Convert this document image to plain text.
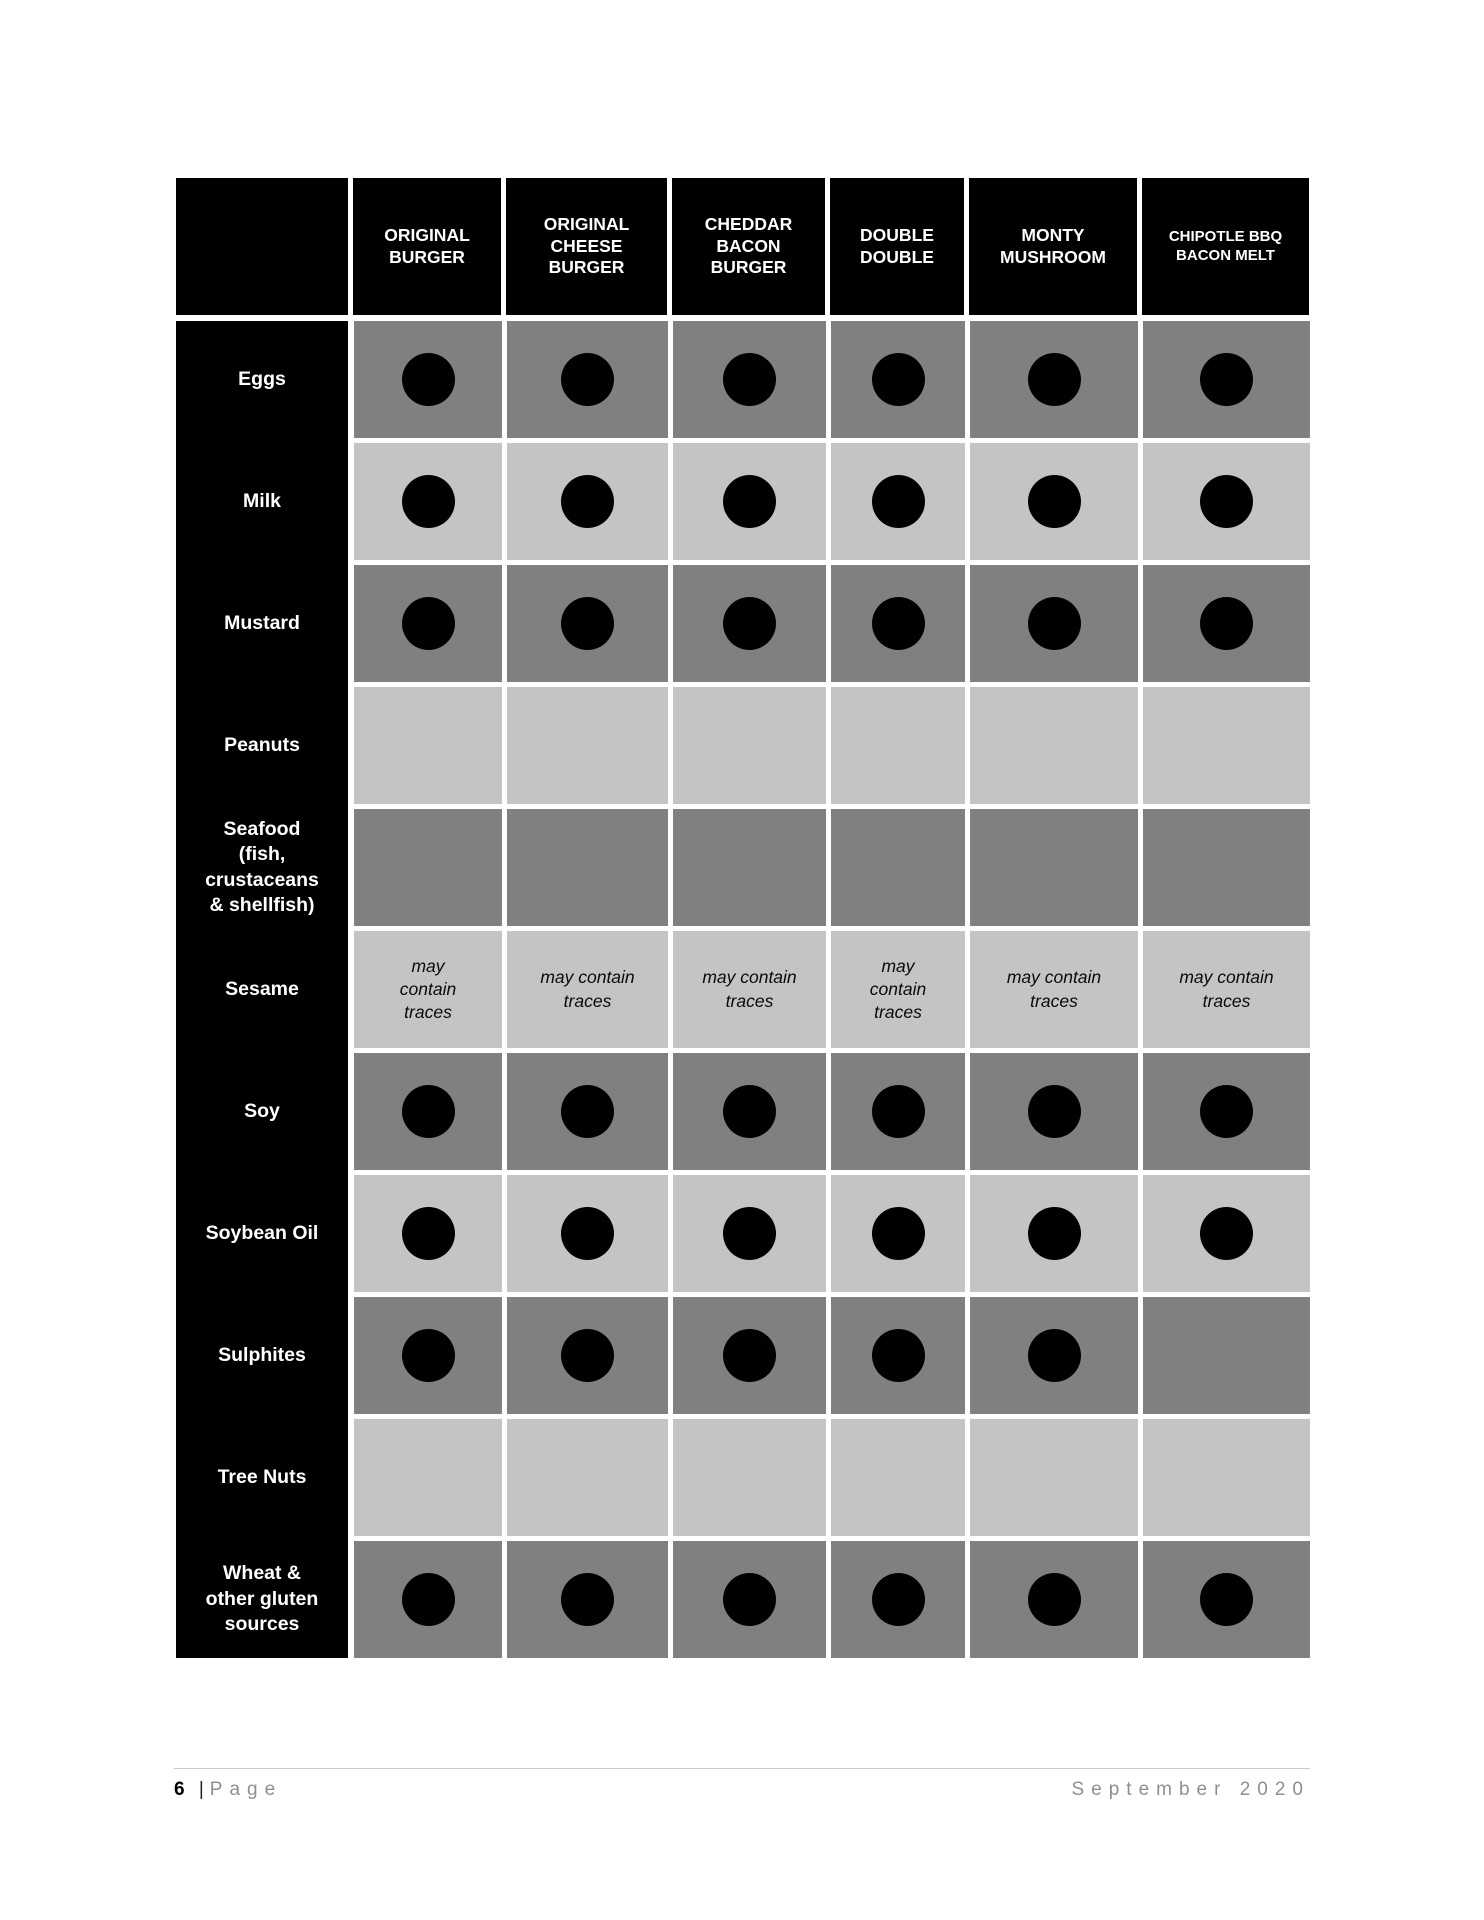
ORIGINAL BURGER
ORIGINAL CHEESE BURGER
CHEDDAR BACON BURGER
DOUBLE DOUBLE
MONTY MUSHROOM
CHIPOTLE BBQ BACON MELT
Eggs
Milk
Mustard
Peanuts
Seafood (fish, crustaceans & shellfish)
Sesame
Soy
Soybean Oil
Sulphites
Tree Nuts
Wheat & other gluten sources
may contain traces
may contain traces
may contain traces
may contain traces
may contain traces
may contain traces
6 | Page	September 2020
